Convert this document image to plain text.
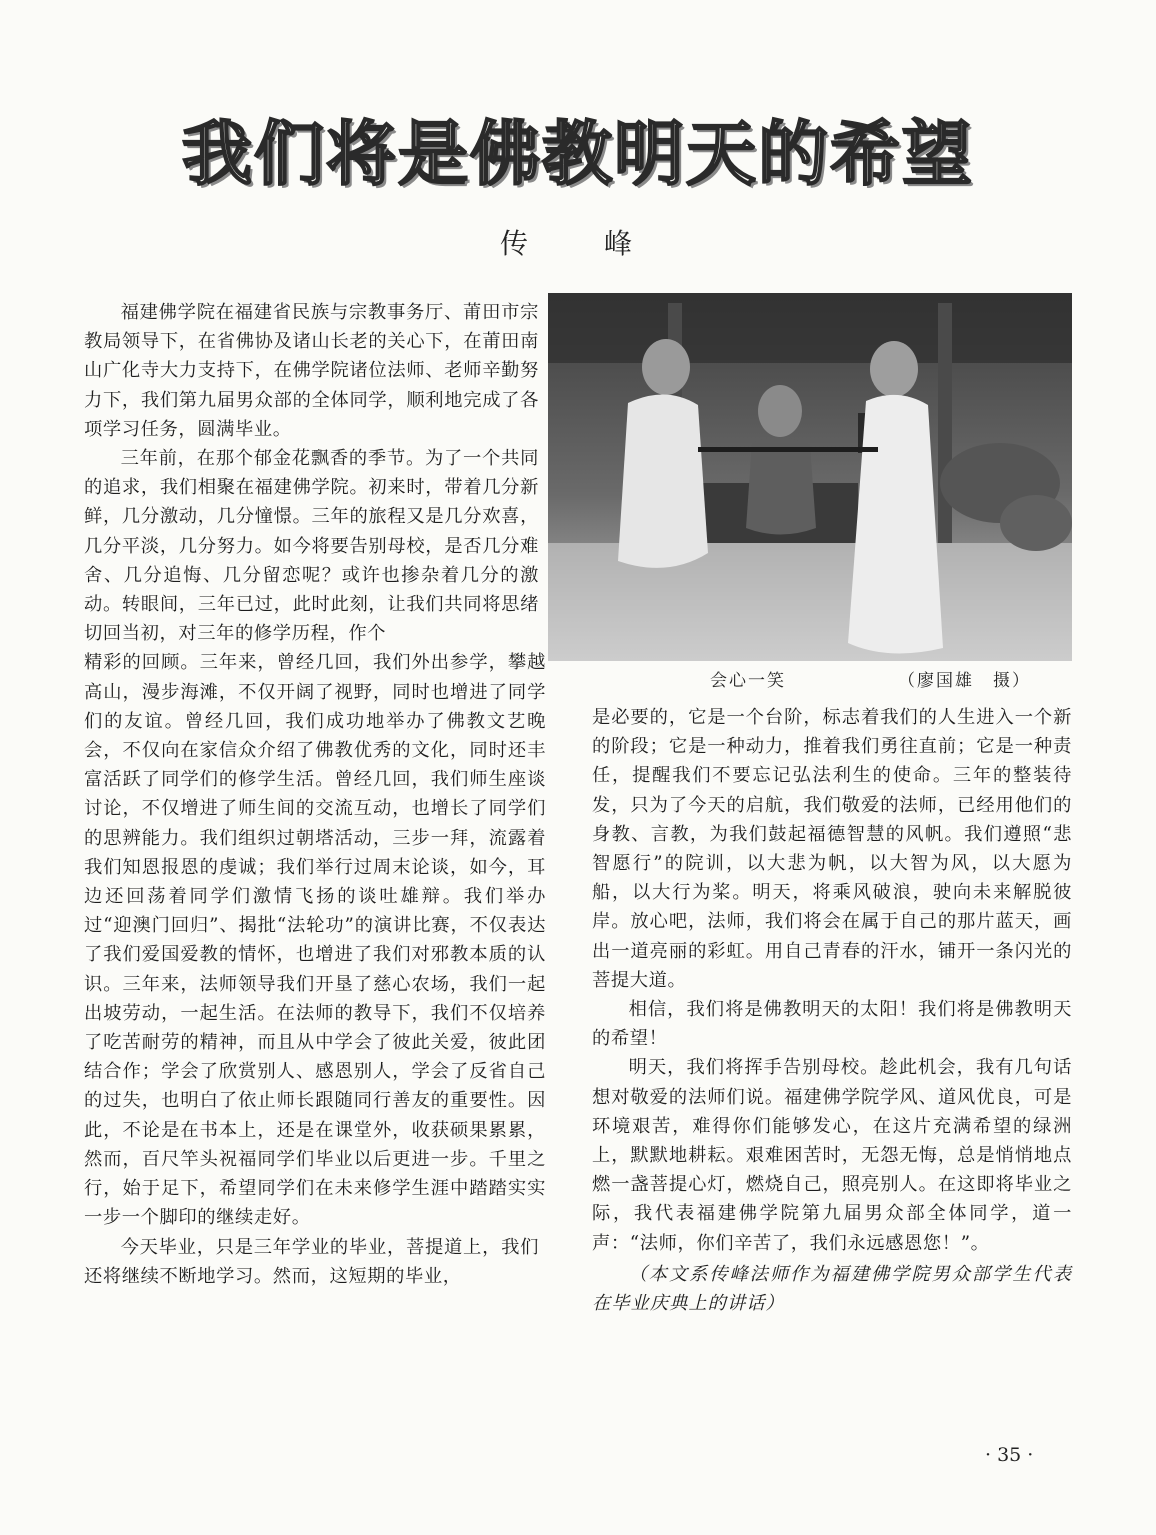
我们将是佛教明天的希望
传　峰

福建佛学院在福建省民族与宗教事务厅、莆田市宗教局领导下，在省佛协及诸山长老的关心下，在莆田南山广化寺大力支持下，在佛学院诸位法师、老师辛勤努力下，我们第九届男众部的全体同学，顺利地完成了各项学习任务，圆满毕业。

三年前，在那个郁金花飘香的季节。为了一个共同的追求，我们相聚在福建佛学院。初来时，带着几分新鲜，几分激动，几分憧憬。三年的旅程又是几分欢喜，几分平淡，几分努力。如今将要告别母校，是否几分难舍、几分追悔、几分留恋呢？或许也掺杂着几分的激动。转眼间，三年已过，此时此刻，让我们共同将思绪切回当初，对三年的修学历程，作个

精彩的回顾。三年来，曾经几回，我们外出参学，攀越高山，漫步海滩，不仅开阔了视野，同时也增进了同学们的友谊。曾经几回，我们成功地举办了佛教文艺晚会，不仅向在家信众介绍了佛教优秀的文化，同时还丰富活跃了同学们的修学生活。曾经几回，我们师生座谈讨论，不仅增进了师生间的交流互动，也增长了同学们的思辨能力。我们组织过朝塔活动，三步一拜，流露着我们知恩报恩的虔诚；我们举行过周末论谈，如今，耳边还回荡着同学们激情飞扬的谈吐雄辩。我们举办过“迎澳门回归”、揭批“法轮功”的演讲比赛，不仅表达了我们爱国爱教的情怀，也增进了我们对邪教本质的认识。三年来，法师领导我们开垦了慈心农场，我们一起出坡劳动，一起生活。在法师的教导下，我们不仅培养了吃苦耐劳的精神，而且从中学会了彼此关爱，彼此团结合作；学会了欣赏别人、感恩别人，学会了反省自己的过失，也明白了依止师长跟随同行善友的重要性。因此，不论是在书本上，还是在课堂外，收获硕果累累，然而，百尺竿头祝福同学们毕业以后更进一步。千里之行，始于足下，希望同学们在未来修学生涯中踏踏实实一步一个脚印的继续走好。

今天毕业，只是三年学业的毕业，菩提道上，我们还将继续不断地学习。然而，这短期的毕业，

会心一笑	（廖国雄　摄）

是必要的，它是一个台阶，标志着我们的人生进入一个新的阶段；它是一种动力，推着我们勇往直前；它是一种责任，提醒我们不要忘记弘法利生的使命。三年的整装待发，只为了今天的启航，我们敬爱的法师，已经用他们的身教、言教，为我们鼓起福德智慧的风帆。我们遵照“悲智愿行”的院训，以大悲为帆，以大智为风，以大愿为船，以大行为桨。明天，将乘风破浪，驶向未来解脱彼岸。放心吧，法师，我们将会在属于自己的那片蓝天，画出一道亮丽的彩虹。用自己青春的汗水，铺开一条闪光的菩提大道。

相信，我们将是佛教明天的太阳！我们将是佛教明天的希望！

明天，我们将挥手告别母校。趁此机会，我有几句话想对敬爱的法师们说。福建佛学院学风、道风优良，可是环境艰苦，难得你们能够发心，在这片充满希望的绿洲上，默默地耕耘。艰难困苦时，无怨无悔，总是悄悄地点燃一盏菩提心灯，燃烧自己，照亮别人。在这即将毕业之际，我代表福建佛学院第九届男众部全体同学，道一声：“法师，你们辛苦了，我们永远感恩您！”。

（本文系传峰法师作为福建佛学院男众部学生代表在毕业庆典上的讲话）

· 35 ·
